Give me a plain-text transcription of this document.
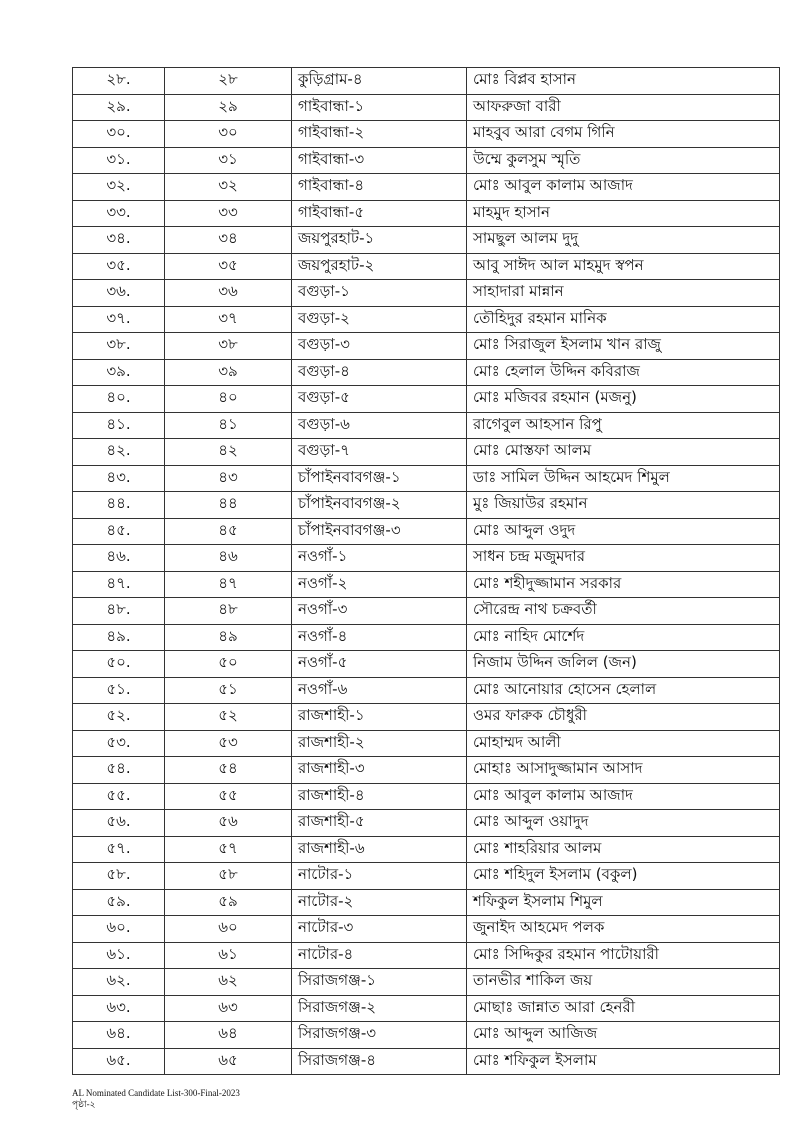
২৮.	২৮	কুড়িগ্রাম-৪	মোঃ বিপ্লব হাসান
২৯.	২৯	গাইবান্ধা-১	আফরুজা বারী
৩০.	৩০	গাইবান্ধা-২	মাহবুব আরা বেগম গিনি
৩১.	৩১	গাইবান্ধা-৩	উম্মে কুলসুম স্মৃতি
৩২.	৩২	গাইবান্ধা-৪	মোঃ আবুল কালাম আজাদ
৩৩.	৩৩	গাইবান্ধা-৫	মাহমুদ হাসান
৩৪.	৩৪	জয়পুরহাট-১	সামছুল আলম দুদু
৩৫.	৩৫	জয়পুরহাট-২	আবু সাঈদ আল মাহমুদ স্বপন
৩৬.	৩৬	বগুড়া-১	সাহাদারা মান্নান
৩৭.	৩৭	বগুড়া-২	তৌহিদুর রহমান মানিক
৩৮.	৩৮	বগুড়া-৩	মোঃ সিরাজুল ইসলাম খান রাজু
৩৯.	৩৯	বগুড়া-৪	মোঃ হেলাল উদ্দিন কবিরাজ
৪০.	৪০	বগুড়া-৫	মোঃ মজিবর রহমান (মজনু)
৪১.	৪১	বগুড়া-৬	রাগেবুল আহসান রিপু
৪২.	৪২	বগুড়া-৭	মোঃ মোস্তফা আলম
৪৩.	৪৩	চাঁপাইনবাবগঞ্জ-১	ডাঃ সামিল উদ্দিন আহমেদ শিমুল
৪৪.	৪৪	চাঁপাইনবাবগঞ্জ-২	মুঃ জিয়াউর রহমান
৪৫.	৪৫	চাঁপাইনবাবগঞ্জ-৩	মোঃ আব্দুল ওদুদ
৪৬.	৪৬	নওগাঁ-১	সাধন চন্দ্র মজুমদার
৪৭.	৪৭	নওগাঁ-২	মোঃ শহীদুজ্জামান সরকার
৪৮.	৪৮	নওগাঁ-৩	সৌরেন্দ্র নাথ চক্রবর্তী
৪৯.	৪৯	নওগাঁ-৪	মোঃ নাহিদ মোর্শেদ
৫০.	৫০	নওগাঁ-৫	নিজাম উদ্দিন জলিল (জন)
৫১.	৫১	নওগাঁ-৬	মোঃ আনোয়ার হোসেন হেলাল
৫২.	৫২	রাজশাহী-১	ওমর ফারুক চৌধুরী
৫৩.	৫৩	রাজশাহী-২	মোহাম্মদ আলী
৫৪.	৫৪	রাজশাহী-৩	মোহাঃ আসাদুজ্জামান আসাদ
৫৫.	৫৫	রাজশাহী-৪	মোঃ আবুল কালাম আজাদ
৫৬.	৫৬	রাজশাহী-৫	মোঃ আব্দুল ওয়াদুদ
৫৭.	৫৭	রাজশাহী-৬	মোঃ শাহরিয়ার আলম
৫৮.	৫৮	নাটোর-১	মোঃ শহিদুল ইসলাম (বকুল)
৫৯.	৫৯	নাটোর-২	শফিকুল ইসলাম শিমুল
৬০.	৬০	নাটোর-৩	জুনাইদ আহমেদ পলক
৬১.	৬১	নাটোর-৪	মোঃ সিদ্দিকুর রহমান পাটোয়ারী
৬২.	৬২	সিরাজগঞ্জ-১	তানভীর শাকিল জয়
৬৩.	৬৩	সিরাজগঞ্জ-২	মোছাঃ জান্নাত আরা হেনরী
৬৪.	৬৪	সিরাজগঞ্জ-৩	মোঃ আব্দুল আজিজ
৬৫.	৬৫	সিরাজগঞ্জ-৪	মোঃ শফিকুল ইসলাম
AL Nominated Candidate List-300-Final-2023
পৃষ্ঠা-২
